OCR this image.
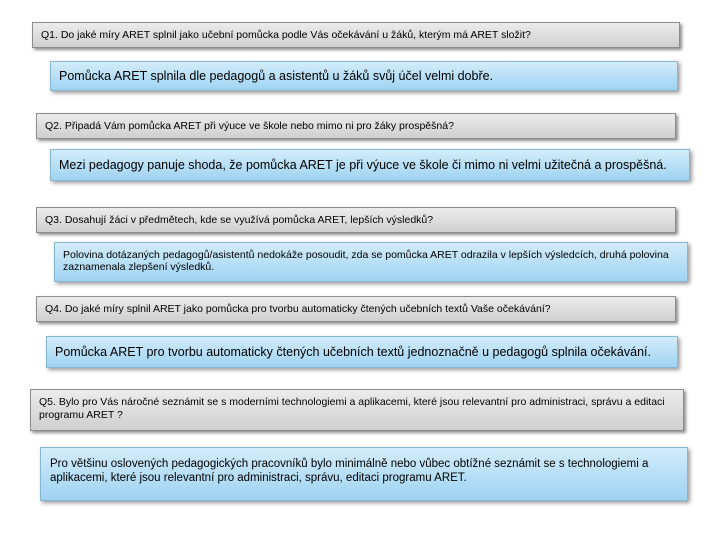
Q1. Do jaké míry ARET splnil jako učební pomůcka podle Vás očekávání u žáků, kterým má ARET složit?
Pomůcka ARET splnila dle pedagogů a asistentů u žáků svůj účel velmi dobře.
Q2. Připadá Vám pomůcka ARET při výuce ve škole nebo mimo ni pro žáky prospěšná?
Mezi pedagogy panuje shoda, že pomůcka ARET je při výuce ve škole či mimo ni velmi užitečná a prospěšná.
Q3. Dosahují žáci v předmětech, kde se využívá pomůcka ARET, lepších výsledků?
Polovina dotázaných pedagogů/asistentů nedokáže posoudit, zda se pomůcka ARET odrazila v lepších výsledcích, druhá polovina zaznamenala zlepšení výsledků.
Q4. Do jaké míry splnil ARET jako pomůcka pro tvorbu automaticky čtených učebních textů Vaše očekávání?
Pomůcka ARET pro tvorbu automaticky čtených učebních textů jednoznačně u pedagogů splnila očekávání.
Q5. Bylo pro Vás náročné seznámit se s moderními technologiemi a aplikacemi, které jsou relevantní pro administraci, správu a editaci programu ARET ?
Pro většinu oslovených pedagogických pracovníků bylo minimálně nebo vůbec obtížné seznámit se s technologiemi a aplikacemi, které jsou relevantní pro administraci, správu, editaci programu ARET.
